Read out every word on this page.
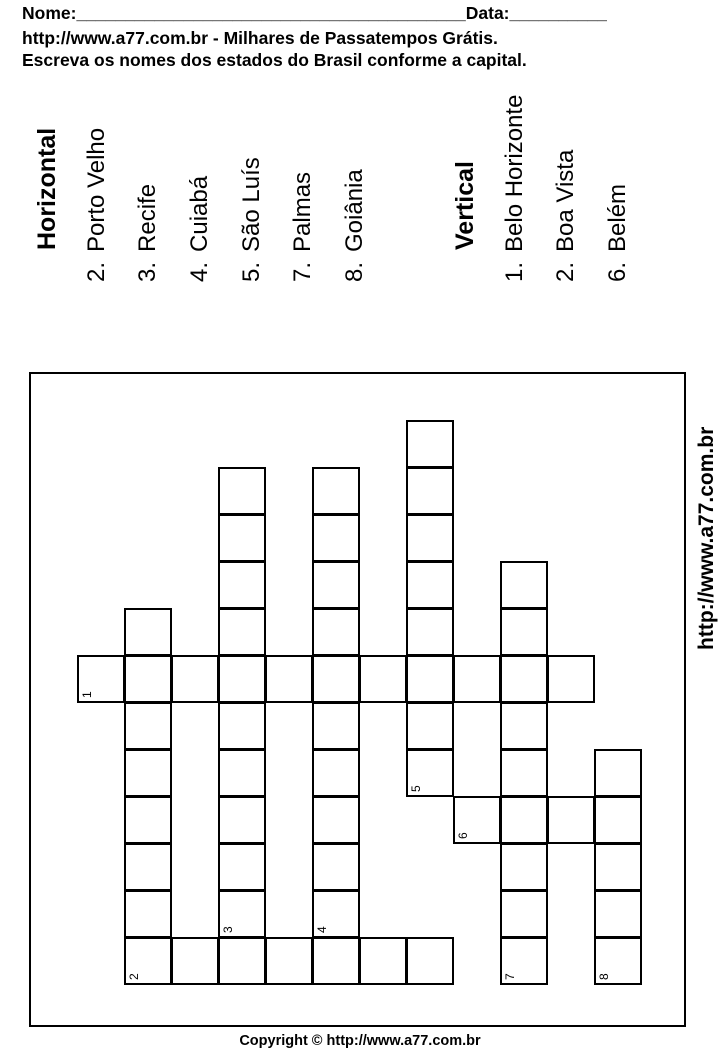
Nome:________________________________________Data:__________
http://www.a77.com.br - Milhares de Passatempos Grátis.
Escreva os nomes dos estados do Brasil conforme a capital.
Horizontal
2.Porto Velho
3.Recife
4.Cuiabá
5.São Luís
7.Palmas
8.Goiânia	Vertical
1.Belo Horizonte
2.Boa Vista
6.Belém
1
2
3	4
5
6
7	8
http://www.a77.com.br
Copyright © http://www.a77.com.br
